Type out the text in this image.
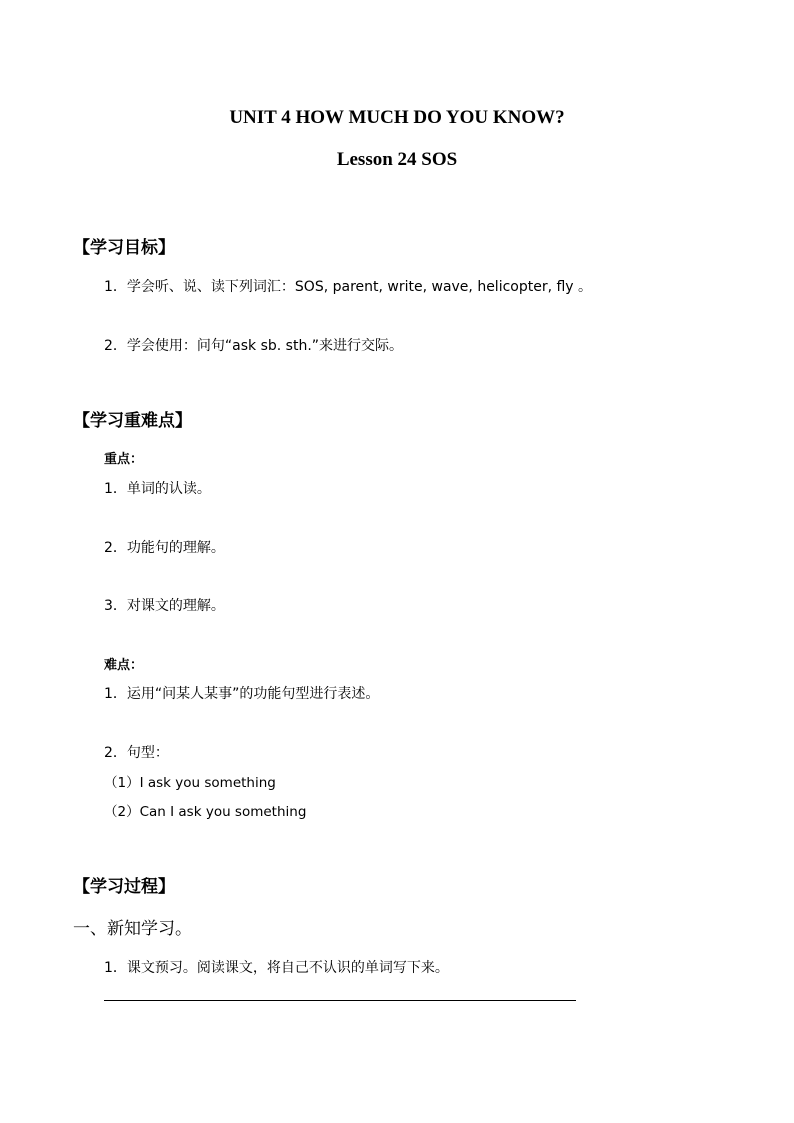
UNIT 4 HOW MUCH DO YOU KNOW?
Lesson 24 SOS
【学习目标】
1．学会听、说、读下列词汇：SOS, parent, write, wave, helicopter, fly 。
2．学会使用：问句“ask sb. sth.”来进行交际。
【学习重难点】
重点：
1．单词的认读。
2．功能句的理解。
3．对课文的理解。
难点：
1．运用“问某人某事”的功能句型进行表述。
2．句型：
（1）I ask you something
（2）Can I ask you something
【学习过程】
一、新知学习。
1．课文预习。阅读课文，将自己不认识的单词写下来。
